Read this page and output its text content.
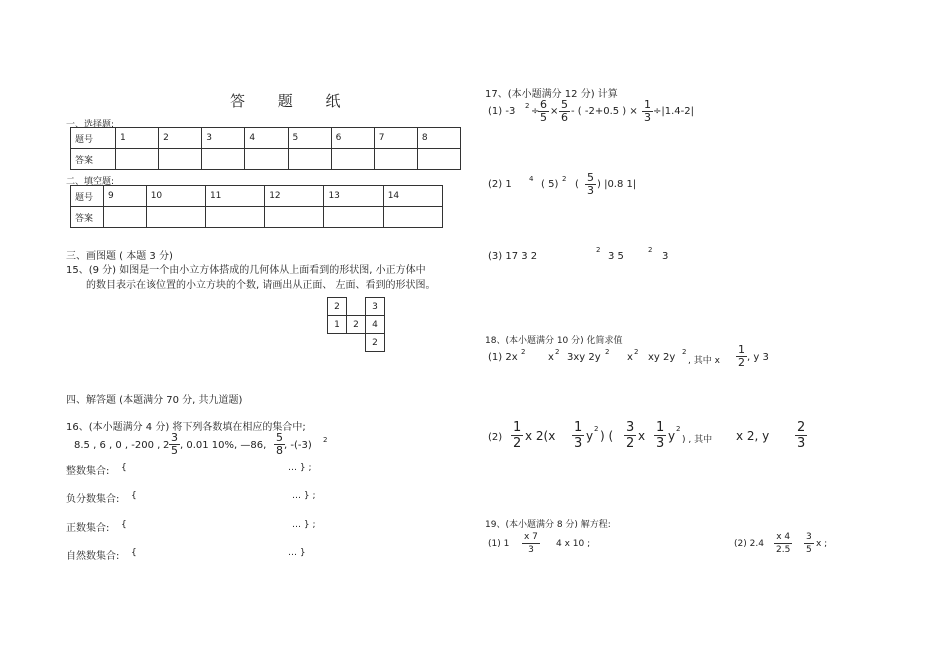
答 题 纸
一、选择题:
题号	1	2	3	4	5	6	7	8
答案								
二、填空题:
题号	9	10	11	12	13	14
答案						
三、画图题 ( 本题 3 分)
15、(9 分) 如图是一个由小立方体搭成的几何体从上面看到的形状图, 小正方体中
的数目表示在该位置的小立方块的个数, 请画出从正面、 左面、看到的形状图。
2		3
1	2	4
		2
四、解答题 (本题满分 70 分, 共九道题)
16、(本小题满分 4 分) 将下列各数填在相应的集合中;
8.5 , 6 , 0 , -200 , $2 \frac{3}{5}$ , 0.01 10%, —86, $\frac{5}{8}$ , -(-3) 2
整数集合: {	… } ;
负分数集合: {	… } ;
正数集合: {	… } ;
自然数集合: {	… }
17、(本小题满分 12 分) 计算
(1) -3 2 ÷
$\frac{6}{5} \times \frac{5}{6}$ - ( -2+0.5 ) × $\frac{1}{3} \div|1.4-2|$
(2) 1 4 ( 5) 2 ( $\frac{5}{3}$ ) |0.8 1|
(3) 17 3 2
2
3 5
2
3
18、(本小题满分 10 分) 化简求值
(1) 2x 2 x 2 3xy 2y 2 x 2 xy 2y 2
, 其中 x $\frac{1}{2}$ , y 3
$(2) \frac{1}{2}$ x $2(x \frac{1}{3}$ y 2 ) ( $\frac{3}{2}$ x $\frac{1}{3}$ y 2
) , 其中 x 2, y $\frac{2}{3}$
19、(本小题满分 8 分) 解方程:
(1) $1 \frac{x 7}{3} 4$ x 10 ;	(2) $2.4 \frac{x 4}{2.5} \frac{3}{5}$ x ;
